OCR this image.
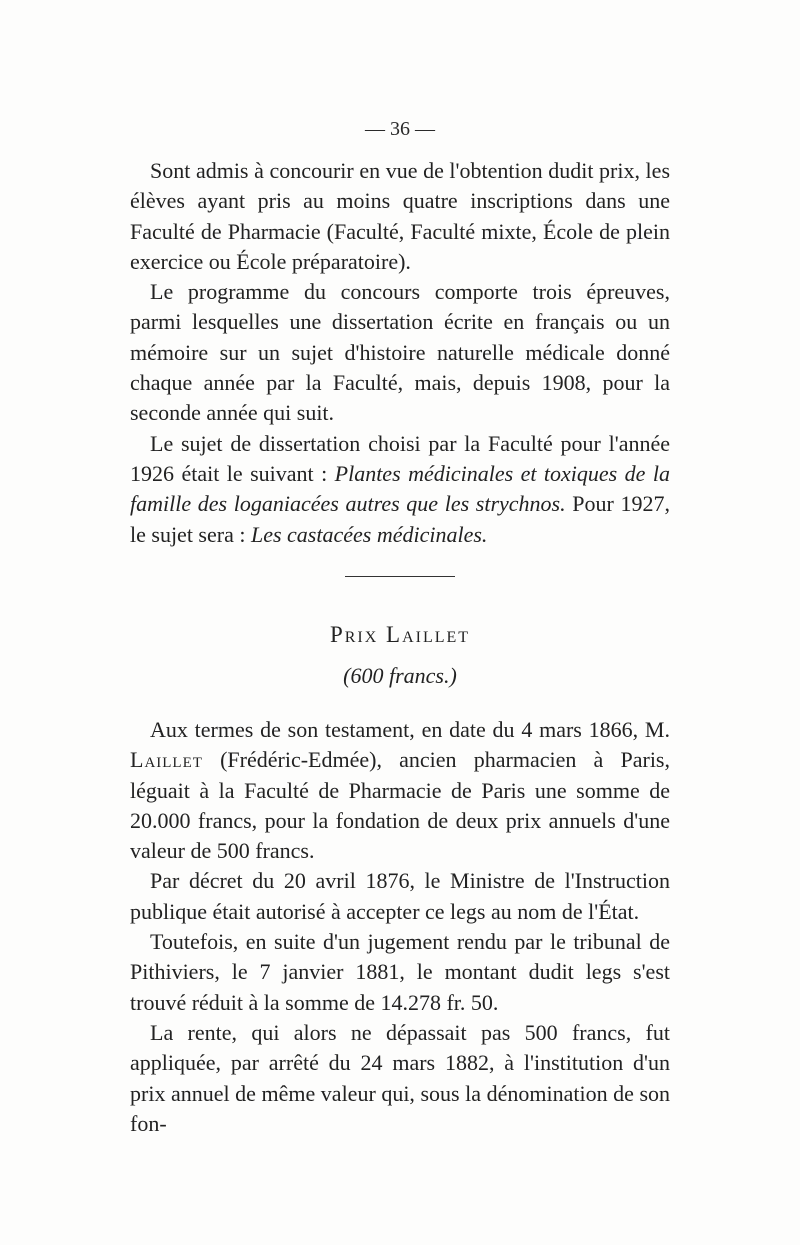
— 36 —

Sont admis à concourir en vue de l'obtention dudit prix, les élèves ayant pris au moins quatre inscriptions dans une Faculté de Pharmacie (Faculté, Faculté mixte, École de plein exercice ou École préparatoire).

Le programme du concours comporte trois épreuves, parmi lesquelles une dissertation écrite en français ou un mémoire sur un sujet d'histoire naturelle médicale donné chaque année par la Faculté, mais, depuis 1908, pour la seconde année qui suit.

Le sujet de dissertation choisi par la Faculté pour l'année 1926 était le suivant : Plantes médicinales et toxiques de la famille des loganiacées autres que les strychnos. Pour 1927, le sujet sera : Les castacées médicinales.

Prix Laillet
(600 francs.)

Aux termes de son testament, en date du 4 mars 1866, M. Laillet (Frédéric-Edmée), ancien pharmacien à Paris, léguait à la Faculté de Pharmacie de Paris une somme de 20.000 francs, pour la fondation de deux prix annuels d'une valeur de 500 francs.

Par décret du 20 avril 1876, le Ministre de l'Instruction publique était autorisé à accepter ce legs au nom de l'État.

Toutefois, en suite d'un jugement rendu par le tribunal de Pithiviers, le 7 janvier 1881, le montant dudit legs s'est trouvé réduit à la somme de 14.278 fr. 50.

La rente, qui alors ne dépassait pas 500 francs, fut appliquée, par arrêté du 24 mars 1882, à l'institution d'un prix annuel de même valeur qui, sous la dénomination de son fon-
